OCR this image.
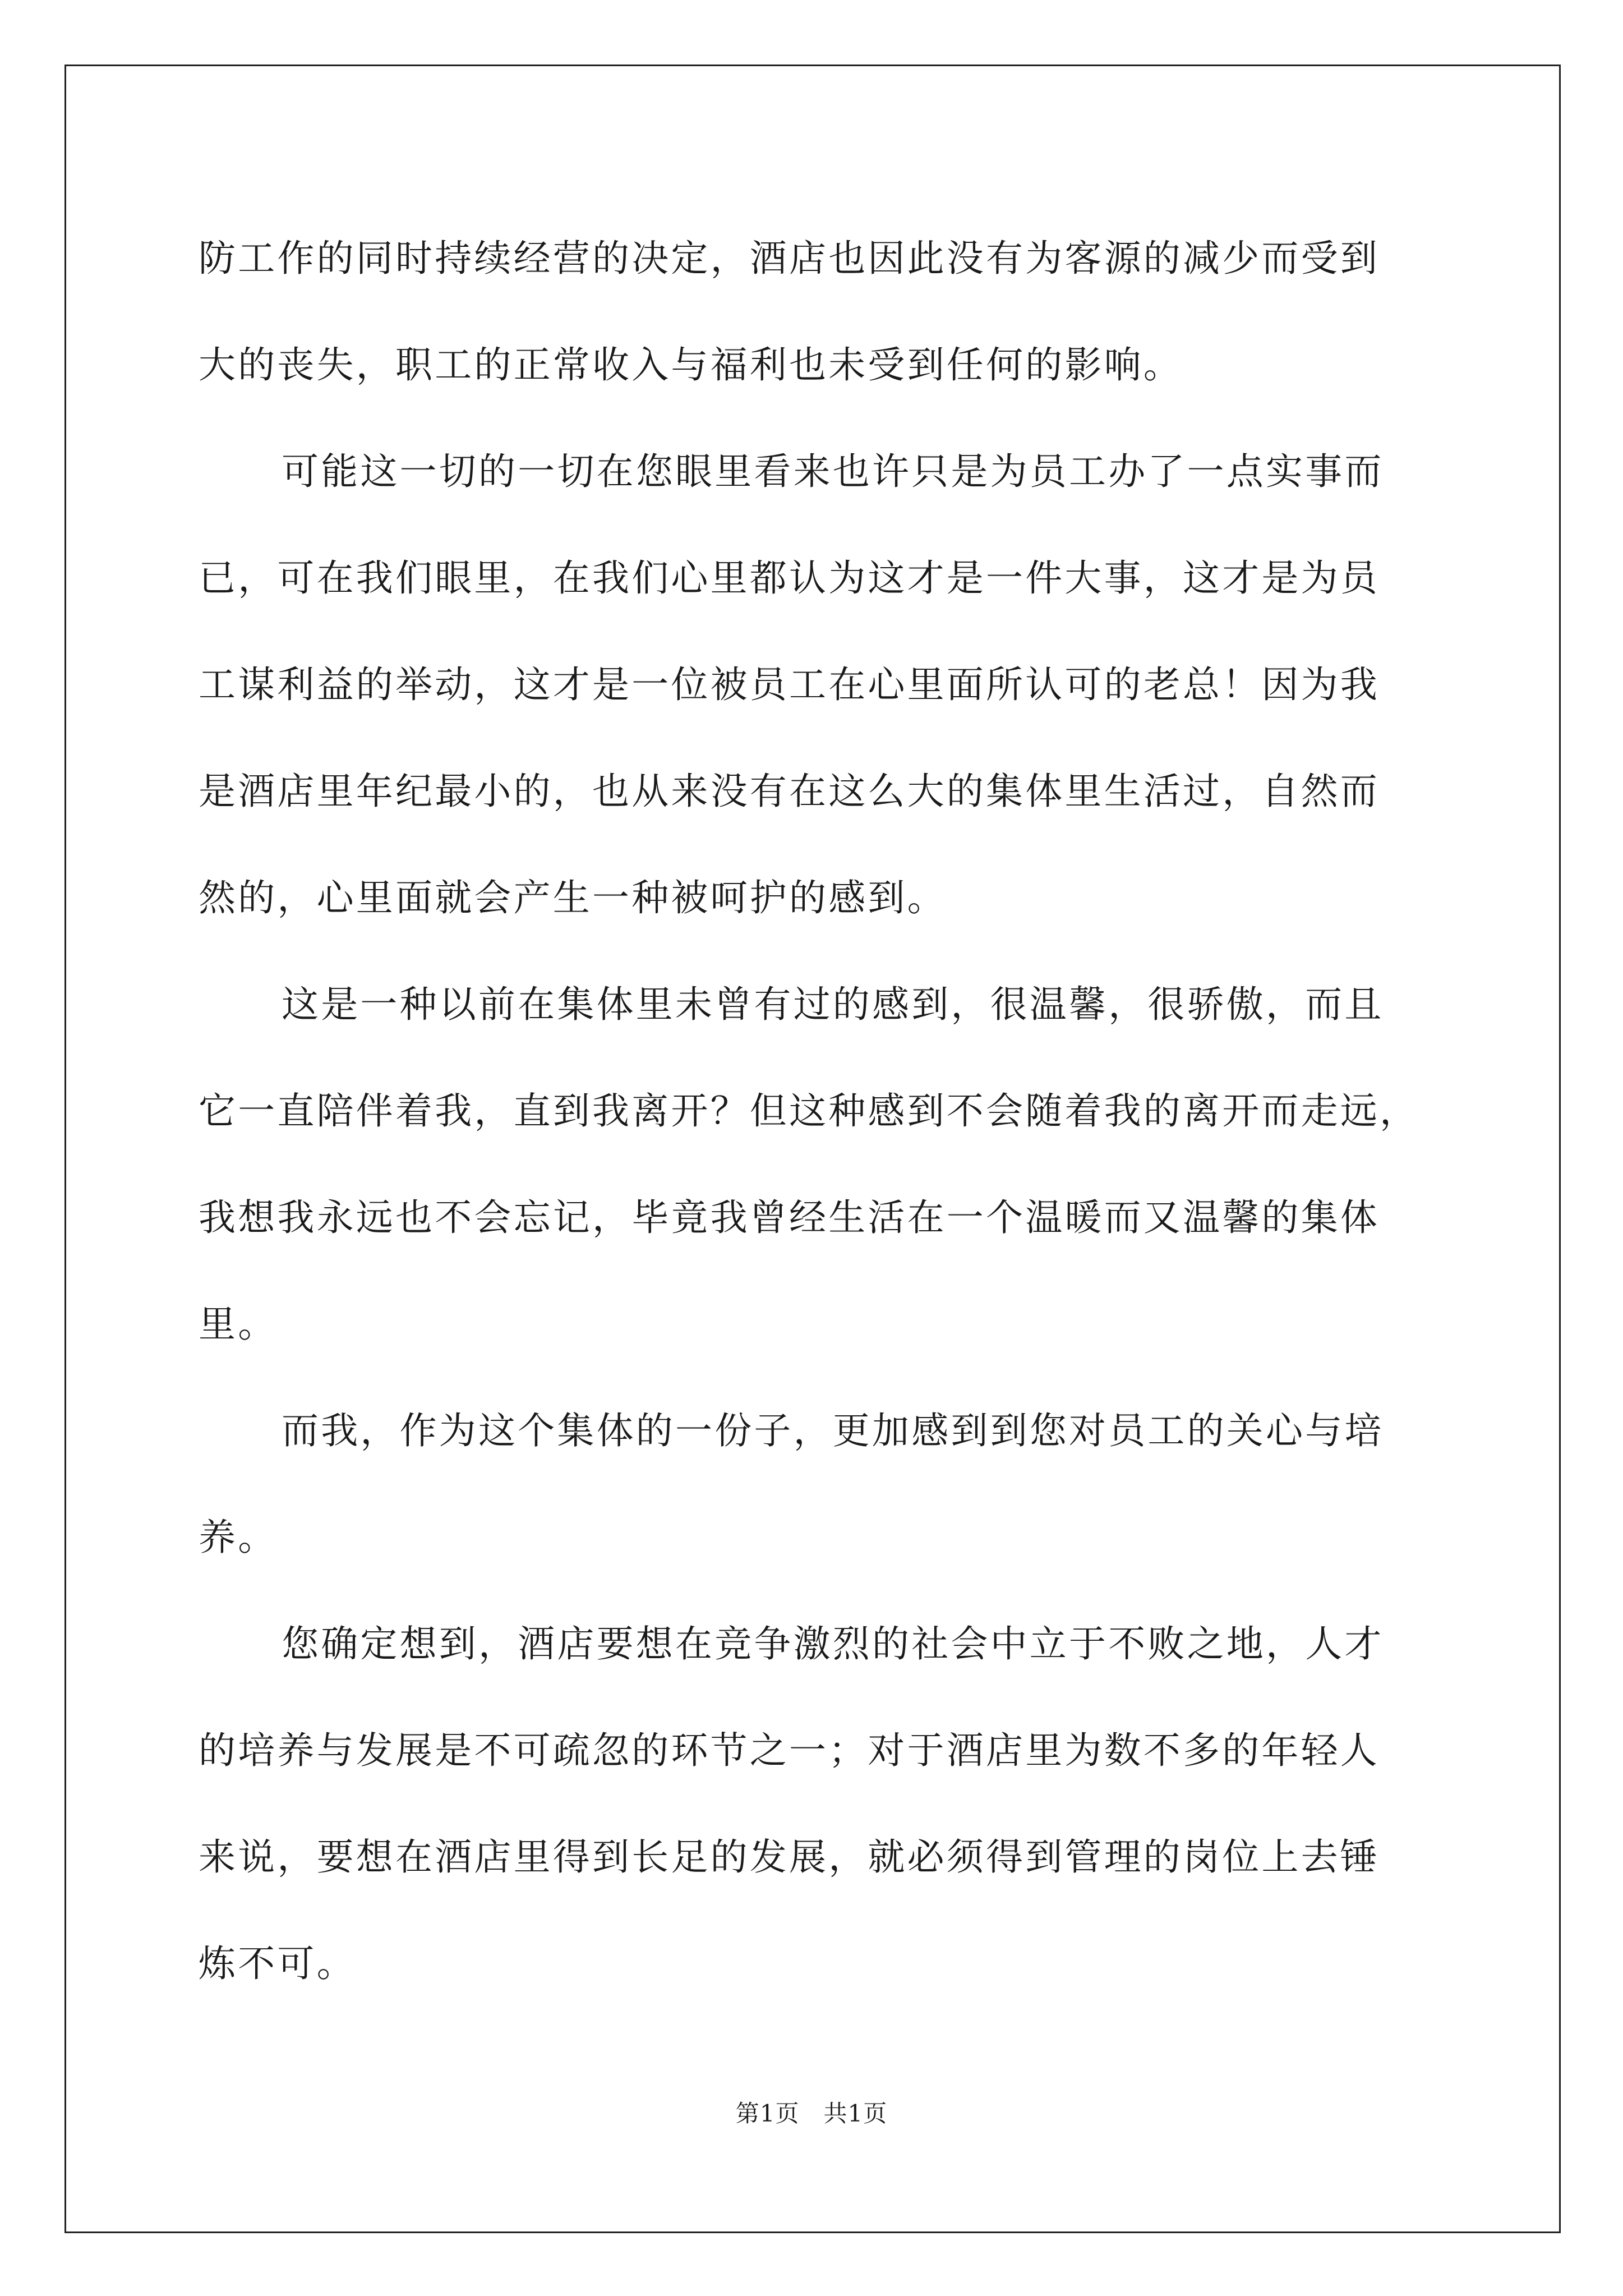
防工作的同时持续经营的决定，酒店也因此没有为客源的减少而受到
大的丧失，职工的正常收入与福利也未受到任何的影响。
可能这一切的一切在您眼里看来也许只是为员工办了一点实事而
已，可在我们眼里，在我们心里都认为这才是一件大事，这才是为员
工谋利益的举动，这才是一位被员工在心里面所认可的老总！因为我
是酒店里年纪最小的，也从来没有在这么大的集体里生活过，自然而
然的，心里面就会产生一种被呵护的感到。
这是一种以前在集体里未曾有过的感到，很温馨，很骄傲，而且
它一直陪伴着我，直到我离开？但这种感到不会随着我的离开而走远，
我想我永远也不会忘记，毕竟我曾经生活在一个温暖而又温馨的集体
里。
而我，作为这个集体的一份子，更加感到到您对员工的关心与培
养。
您确定想到，酒店要想在竞争激烈的社会中立于不败之地，人才
的培养与发展是不可疏忽的环节之一；对于酒店里为数不多的年轻人
来说，要想在酒店里得到长足的发展，就必须得到管理的岗位上去锤
炼不可。
第1页   共1页
